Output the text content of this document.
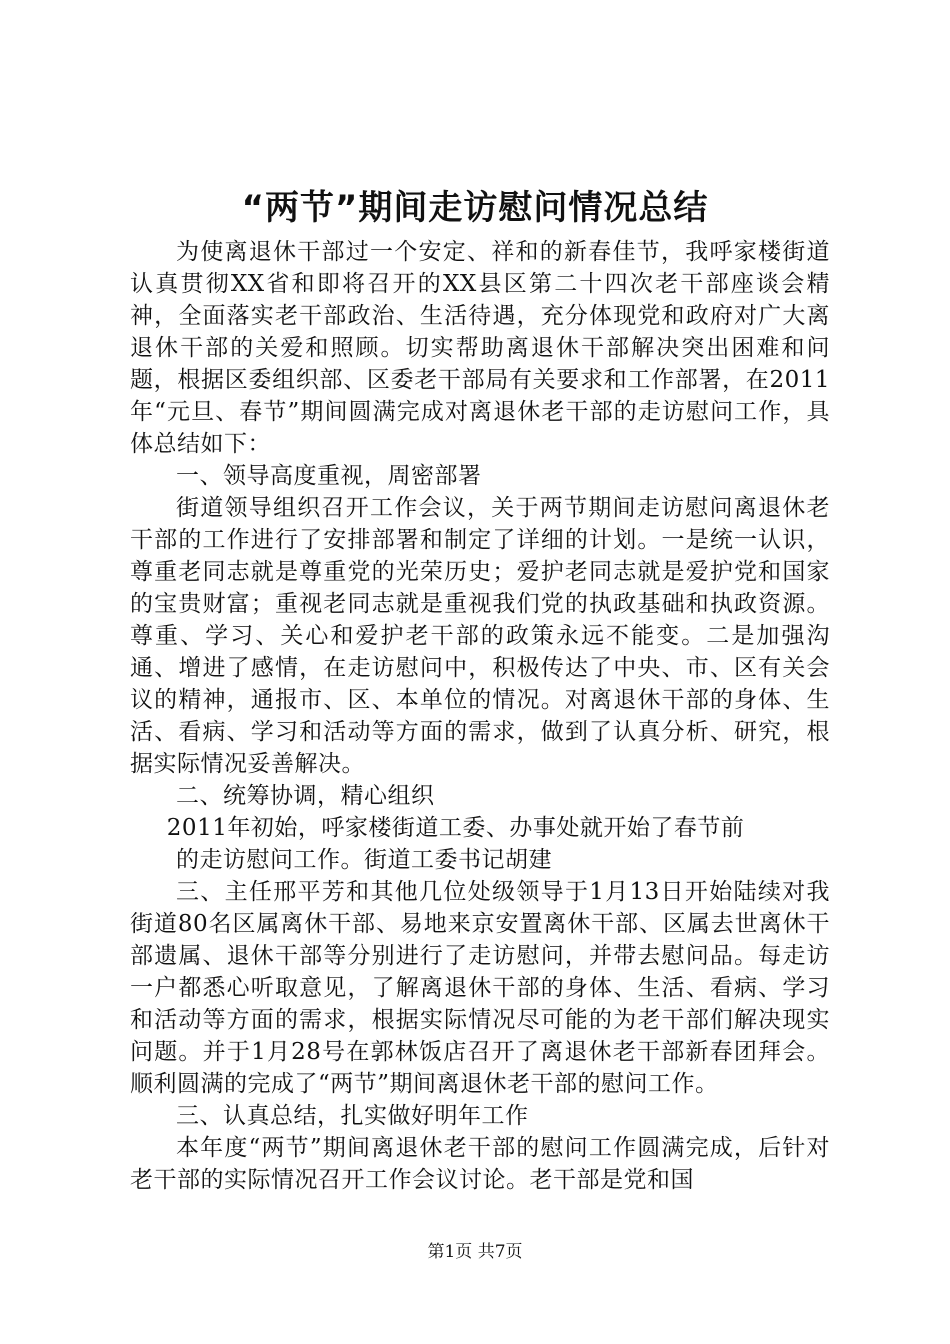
“两节”期间走访慰问情况总结

为使离退休干部过一个安定、祥和的新春佳节，我呼家楼街道认真贯彻XX省和即将召开的XX县区第二十四次老干部座谈会精神，全面落实老干部政治、生活待遇，充分体现党和政府对广大离退休干部的关爱和照顾。切实帮助离退休干部解决突出困难和问题，根据区委组织部、区委老干部局有关要求和工作部署，在2011年“元旦、春节”期间圆满完成对离退休老干部的走访慰问工作，具体总结如下：

一、领导高度重视，周密部署

街道领导组织召开工作会议，关于两节期间走访慰问离退休老干部的工作进行了安排部署和制定了详细的计划。一是统一认识，尊重老同志就是尊重党的光荣历史；爱护老同志就是爱护党和国家的宝贵财富；重视老同志就是重视我们党的执政基础和执政资源。尊重、学习、关心和爱护老干部的政策永远不能变。二是加强沟通、增进了感情，在走访慰问中，积极传达了中央、市、区有关会议的精神，通报市、区、本单位的情况。对离退休干部的身体、生活、看病、学习和活动等方面的需求，做到了认真分析、研究，根据实际情况妥善解决。

二、统筹协调，精心组织

2011年初始，呼家楼街道工委、办事处就开始了春节前

的走访慰问工作。街道工委书记胡建

三、主任邢平芳和其他几位处级领导于1月13日开始陆续对我街道80名区属离休干部、易地来京安置离休干部、区属去世离休干部遗属、退休干部等分别进行了走访慰问，并带去慰问品。每走访一户都悉心听取意见，了解离退休干部的身体、生活、看病、学习和活动等方面的需求，根据实际情况尽可能的为老干部们解决现实问题。并于1月28号在郭林饭店召开了离退休老干部新春团拜会。顺利圆满的完成了“两节”期间离退休老干部的慰问工作。

三、认真总结，扎实做好明年工作

本年度“两节”期间离退休老干部的慰问工作圆满完成，后针对老干部的实际情况召开工作会议讨论。老干部是党和国

第1页 共7页
